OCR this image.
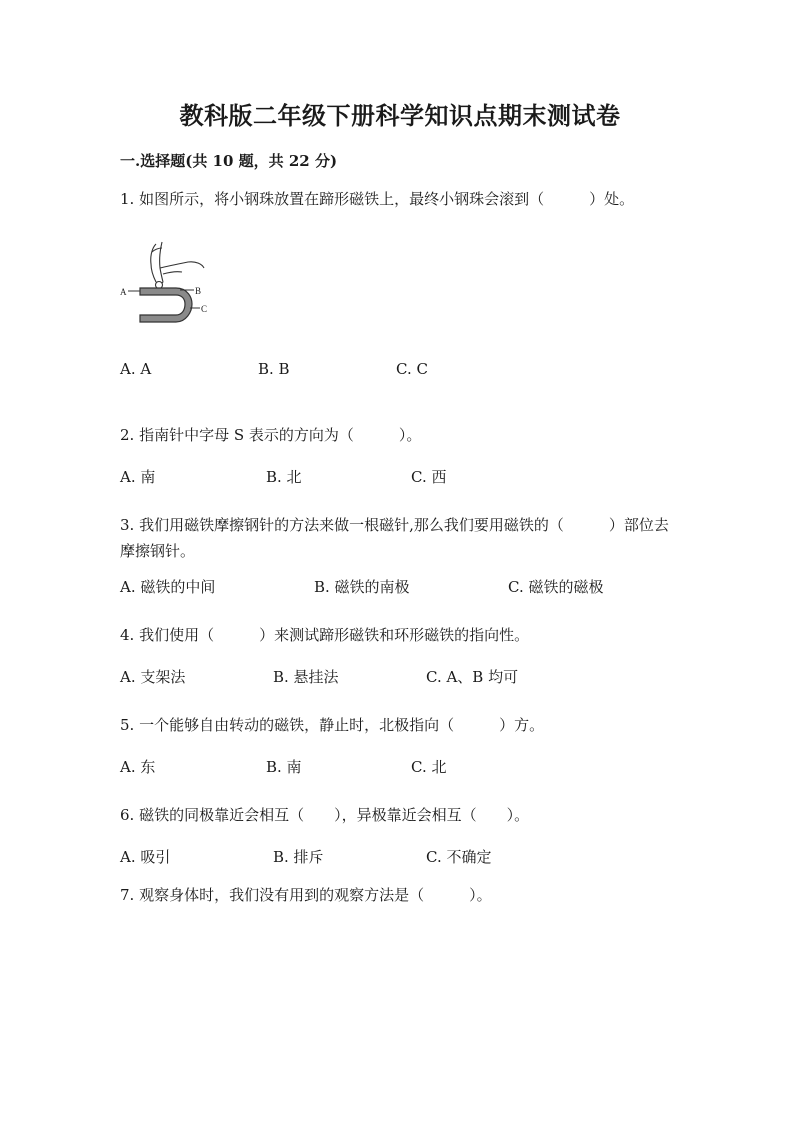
教科版二年级下册科学知识点期末测试卷
一.选择题(共 10 题，共 22 分)
1. 如图所示，将小钢珠放置在蹄形磁铁上，最终小钢珠会滚到（　　　）处。
A	B
C
A. A	B. B	C. C
2. 指南针中字母 S 表示的方向为（　　　）。
A. 南	B. 北	C. 西
3. 我们用磁铁摩擦钢针的方法来做一根磁针,那么我们要用磁铁的（　　　）部位去摩擦钢针。
A. 磁铁的中间	B. 磁铁的南极	C. 磁铁的磁极
4. 我们使用（　　　）来测试蹄形磁铁和环形磁铁的指向性。
A. 支架法	B. 悬挂法	C. A、B 均可
5. 一个能够自由转动的磁铁，静止时，北极指向（　　　）方。
A. 东	B. 南	C. 北
6. 磁铁的同极靠近会相互（　　），异极靠近会相互（　　）。
A. 吸引	B. 排斥	C. 不确定
7. 观察身体时，我们没有用到的观察方法是（　　　）。
